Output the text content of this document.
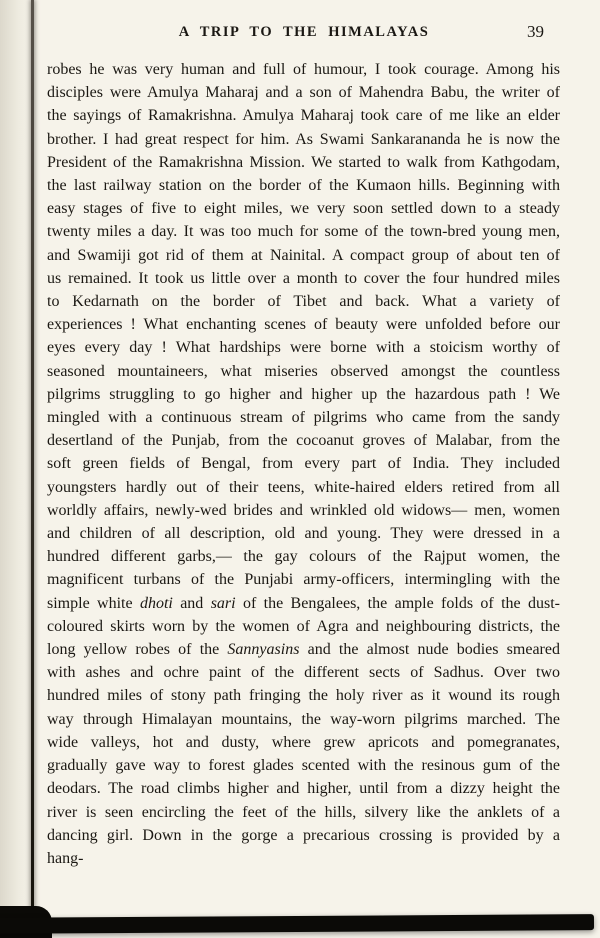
A TRIP TO THE HIMALAYAS	39

robes he was very human and full of humour, I took courage. Among his disciples were Amulya Maharaj and a son of Mahendra Babu, the writer of the sayings of Ramakrishna. Amulya Maharaj took care of me like an elder brother. I had great respect for him. As Swami Sankarananda he is now the President of the Ramakrishna Mission. We started to walk from Kathgodam, the last railway station on the border of the Kumaon hills. Beginning with easy stages of five to eight miles, we very soon settled down to a steady twenty miles a day. It was too much for some of the town-bred young men, and Swamiji got rid of them at Nainital. A compact group of about ten of us remained. It took us little over a month to cover the four hundred miles to Kedarnath on the border of Tibet and back. What a variety of experiences ! What enchanting scenes of beauty were unfolded before our eyes every day ! What hardships were borne with a stoicism worthy of seasoned mountaineers, what miseries observed amongst the countless pilgrims struggling to go higher and higher up the hazardous path ! We mingled with a continuous stream of pilgrims who came from the sandy desertland of the Punjab, from the cocoanut groves of Malabar, from the soft green fields of Bengal, from every part of India. They included youngsters hardly out of their teens, white-haired elders retired from all worldly affairs, newly-wed brides and wrinkled old widows— men, women and children of all description, old and young. They were dressed in a hundred different garbs,— the gay colours of the Rajput women, the magnificent turbans of the Punjabi army-officers, intermingling with the simple white dhoti and sari of the Bengalees, the ample folds of the dust-coloured skirts worn by the women of Agra and neighbouring districts, the long yellow robes of the Sannyasins and the almost nude bodies smeared with ashes and ochre paint of the different sects of Sadhus. Over two hundred miles of stony path fringing the holy river as it wound its rough way through Himalayan mountains, the way-worn pilgrims marched. The wide valleys, hot and dusty, where grew apricots and pomegranates, gradually gave way to forest glades scented with the resinous gum of the deodars. The road climbs higher and higher, until from a dizzy height the river is seen encircling the feet of the hills, silvery like the anklets of a dancing girl. Down in the gorge a precarious crossing is provided by a hang-
